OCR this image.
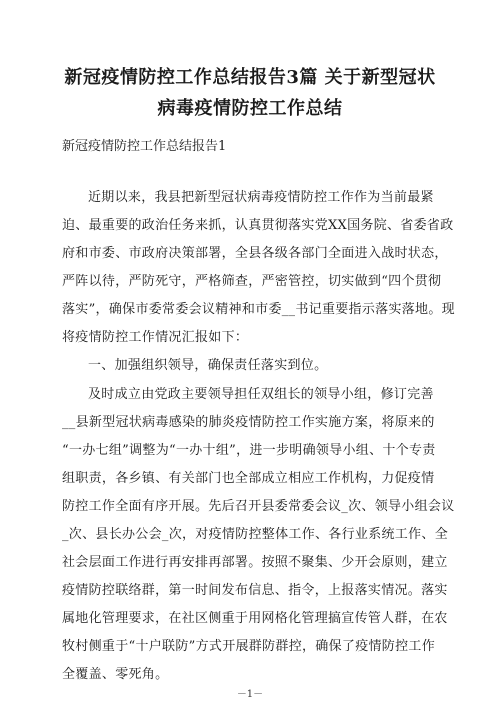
新冠疫情防控工作总结报告3篇 关于新型冠状
病毒疫情防控工作总结
新冠疫情防控工作总结报告1
近期以来，我县把新型冠状病毒疫情防控工作作为当前最紧
迫、最重要的政治任务来抓，认真贯彻落实党XX国务院、省委省政
府和市委、市政府决策部署，全县各级各部门全面进入战时状态，
严阵以待，严防死守，严格筛查，严密管控，切实做到“四个贯彻
落实”，确保市委常委会议精神和市委__书记重要指示落实落地。现
将疫情防控工作情况汇报如下：
一、加强组织领导，确保责任落实到位。
及时成立由党政主要领导担任双组长的领导小组，修订完善
__县新型冠状病毒感染的肺炎疫情防控工作实施方案，将原来的
“一办七组”调整为“一办十组”，进一步明确领导小组、十个专责
组职责，各乡镇、有关部门也全部成立相应工作机构，力促疫情
防控工作全面有序开展。先后召开县委常委会议_次、领导小组会议
_次、县长办公会_次，对疫情防控整体工作、各行业系统工作、全
社会层面工作进行再安排再部署。按照不聚集、少开会原则，建立
疫情防控联络群，第一时间发布信息、指令，上报落实情况。落实
属地化管理要求，在社区侧重于用网格化管理搞宣传管人群，在农
牧村侧重于“十户联防”方式开展群防群控，确保了疫情防控工作
全覆盖、零死角。
－1－
